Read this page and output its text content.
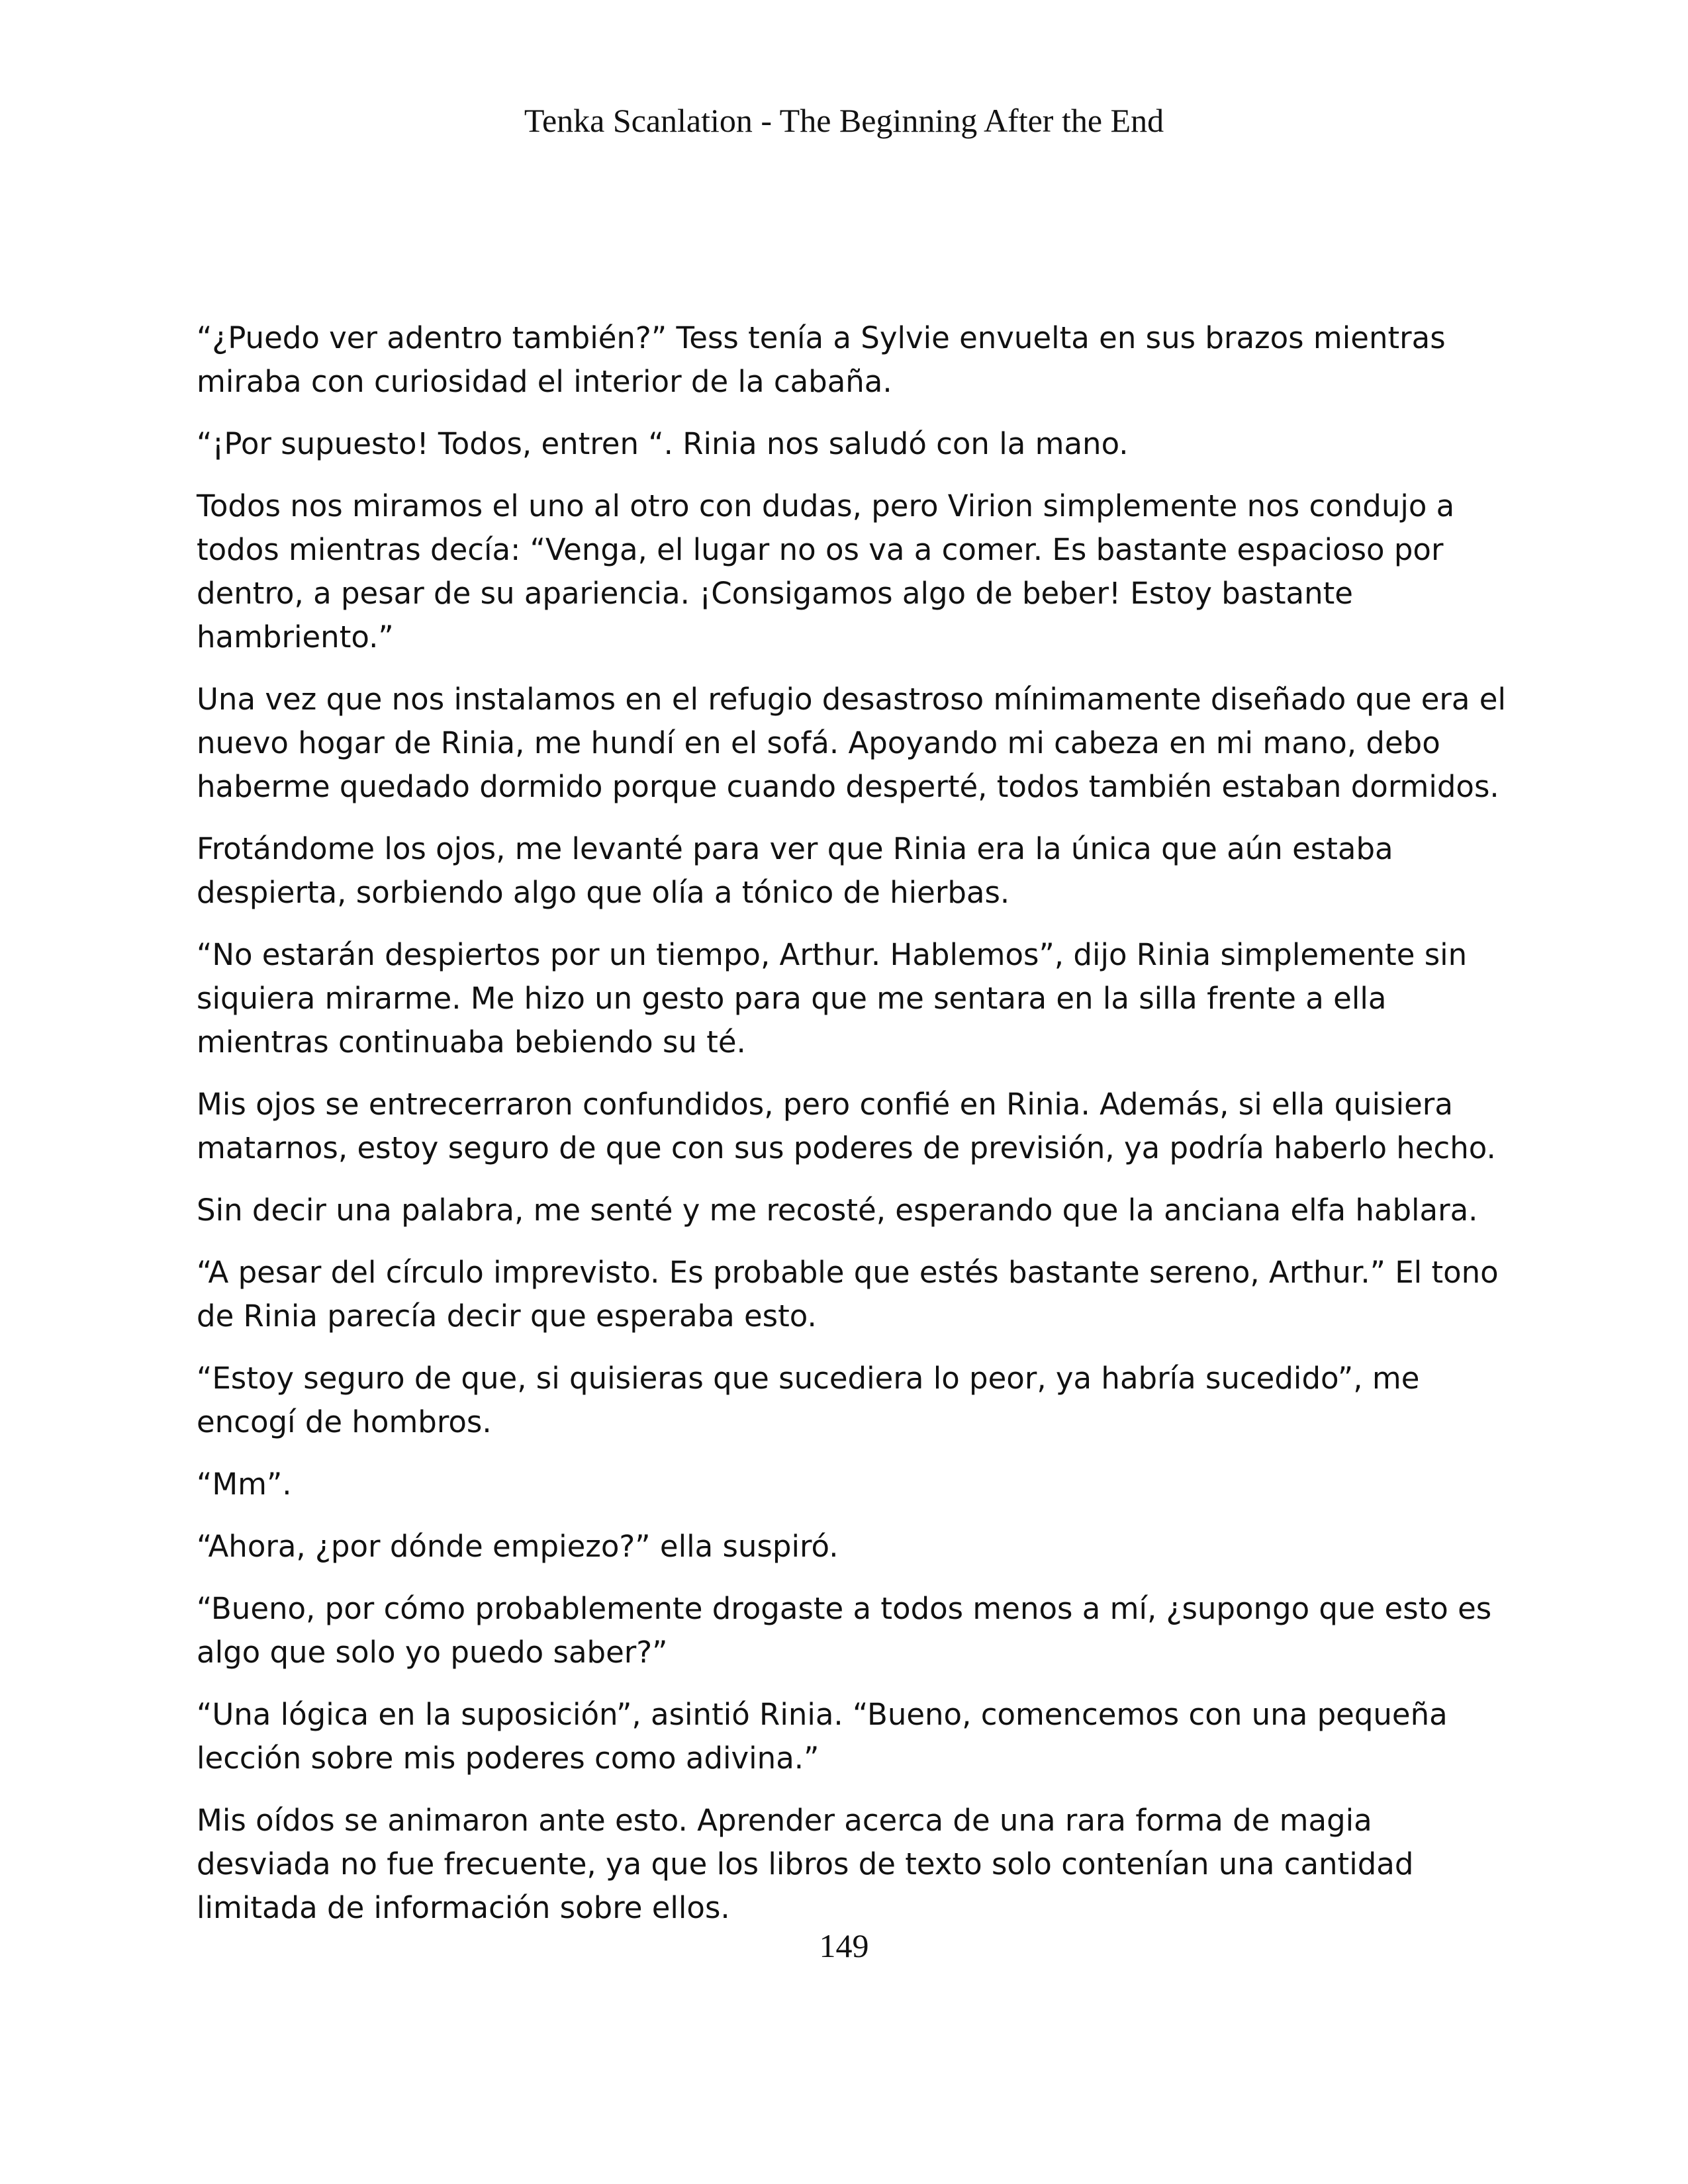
Tenka Scanlation - The Beginning After the End

“¿Puedo ver adentro también?” Tess tenía a Sylvie envuelta en sus brazos mientras miraba con curiosidad el interior de la cabaña.

“¡Por supuesto! Todos, entren “. Rinia nos saludó con la mano.

Todos nos miramos el uno al otro con dudas, pero Virion simplemente nos condujo a todos mientras decía: “Venga, el lugar no os va a comer. Es bastante espacioso por dentro, a pesar de su apariencia. ¡Consigamos algo de beber! Estoy bastante hambriento.”

Una vez que nos instalamos en el refugio desastroso mínimamente diseñado que era el nuevo hogar de Rinia, me hundí en el sofá. Apoyando mi cabeza en mi mano, debo haberme quedado dormido porque cuando desperté, todos también estaban dormidos.

Frotándome los ojos, me levanté para ver que Rinia era la única que aún estaba despierta, sorbiendo algo que olía a tónico de hierbas.

“No estarán despiertos por un tiempo, Arthur. Hablemos”, dijo Rinia simplemente sin siquiera mirarme. Me hizo un gesto para que me sentara en la silla frente a ella mientras continuaba bebiendo su té.

Mis ojos se entrecerraron confundidos, pero confié en Rinia. Además, si ella quisiera matarnos, estoy seguro de que con sus poderes de previsión, ya podría haberlo hecho.

Sin decir una palabra, me senté y me recosté, esperando que la anciana elfa hablara.

“A pesar del círculo imprevisto. Es probable que estés bastante sereno, Arthur.” El tono de Rinia parecía decir que esperaba esto.

“Estoy seguro de que, si quisieras que sucediera lo peor, ya habría sucedido”, me encogí de hombros.

“Mm”.

“Ahora, ¿por dónde empiezo?” ella suspiró.

“Bueno, por cómo probablemente drogaste a todos menos a mí, ¿supongo que esto es algo que solo yo puedo saber?”

“Una lógica en la suposición”, asintió Rinia. “Bueno, comencemos con una pequeña lección sobre mis poderes como adivina.”

Mis oídos se animaron ante esto. Aprender acerca de una rara forma de magia desviada no fue frecuente, ya que los libros de texto solo contenían una cantidad limitada de información sobre ellos.

149
